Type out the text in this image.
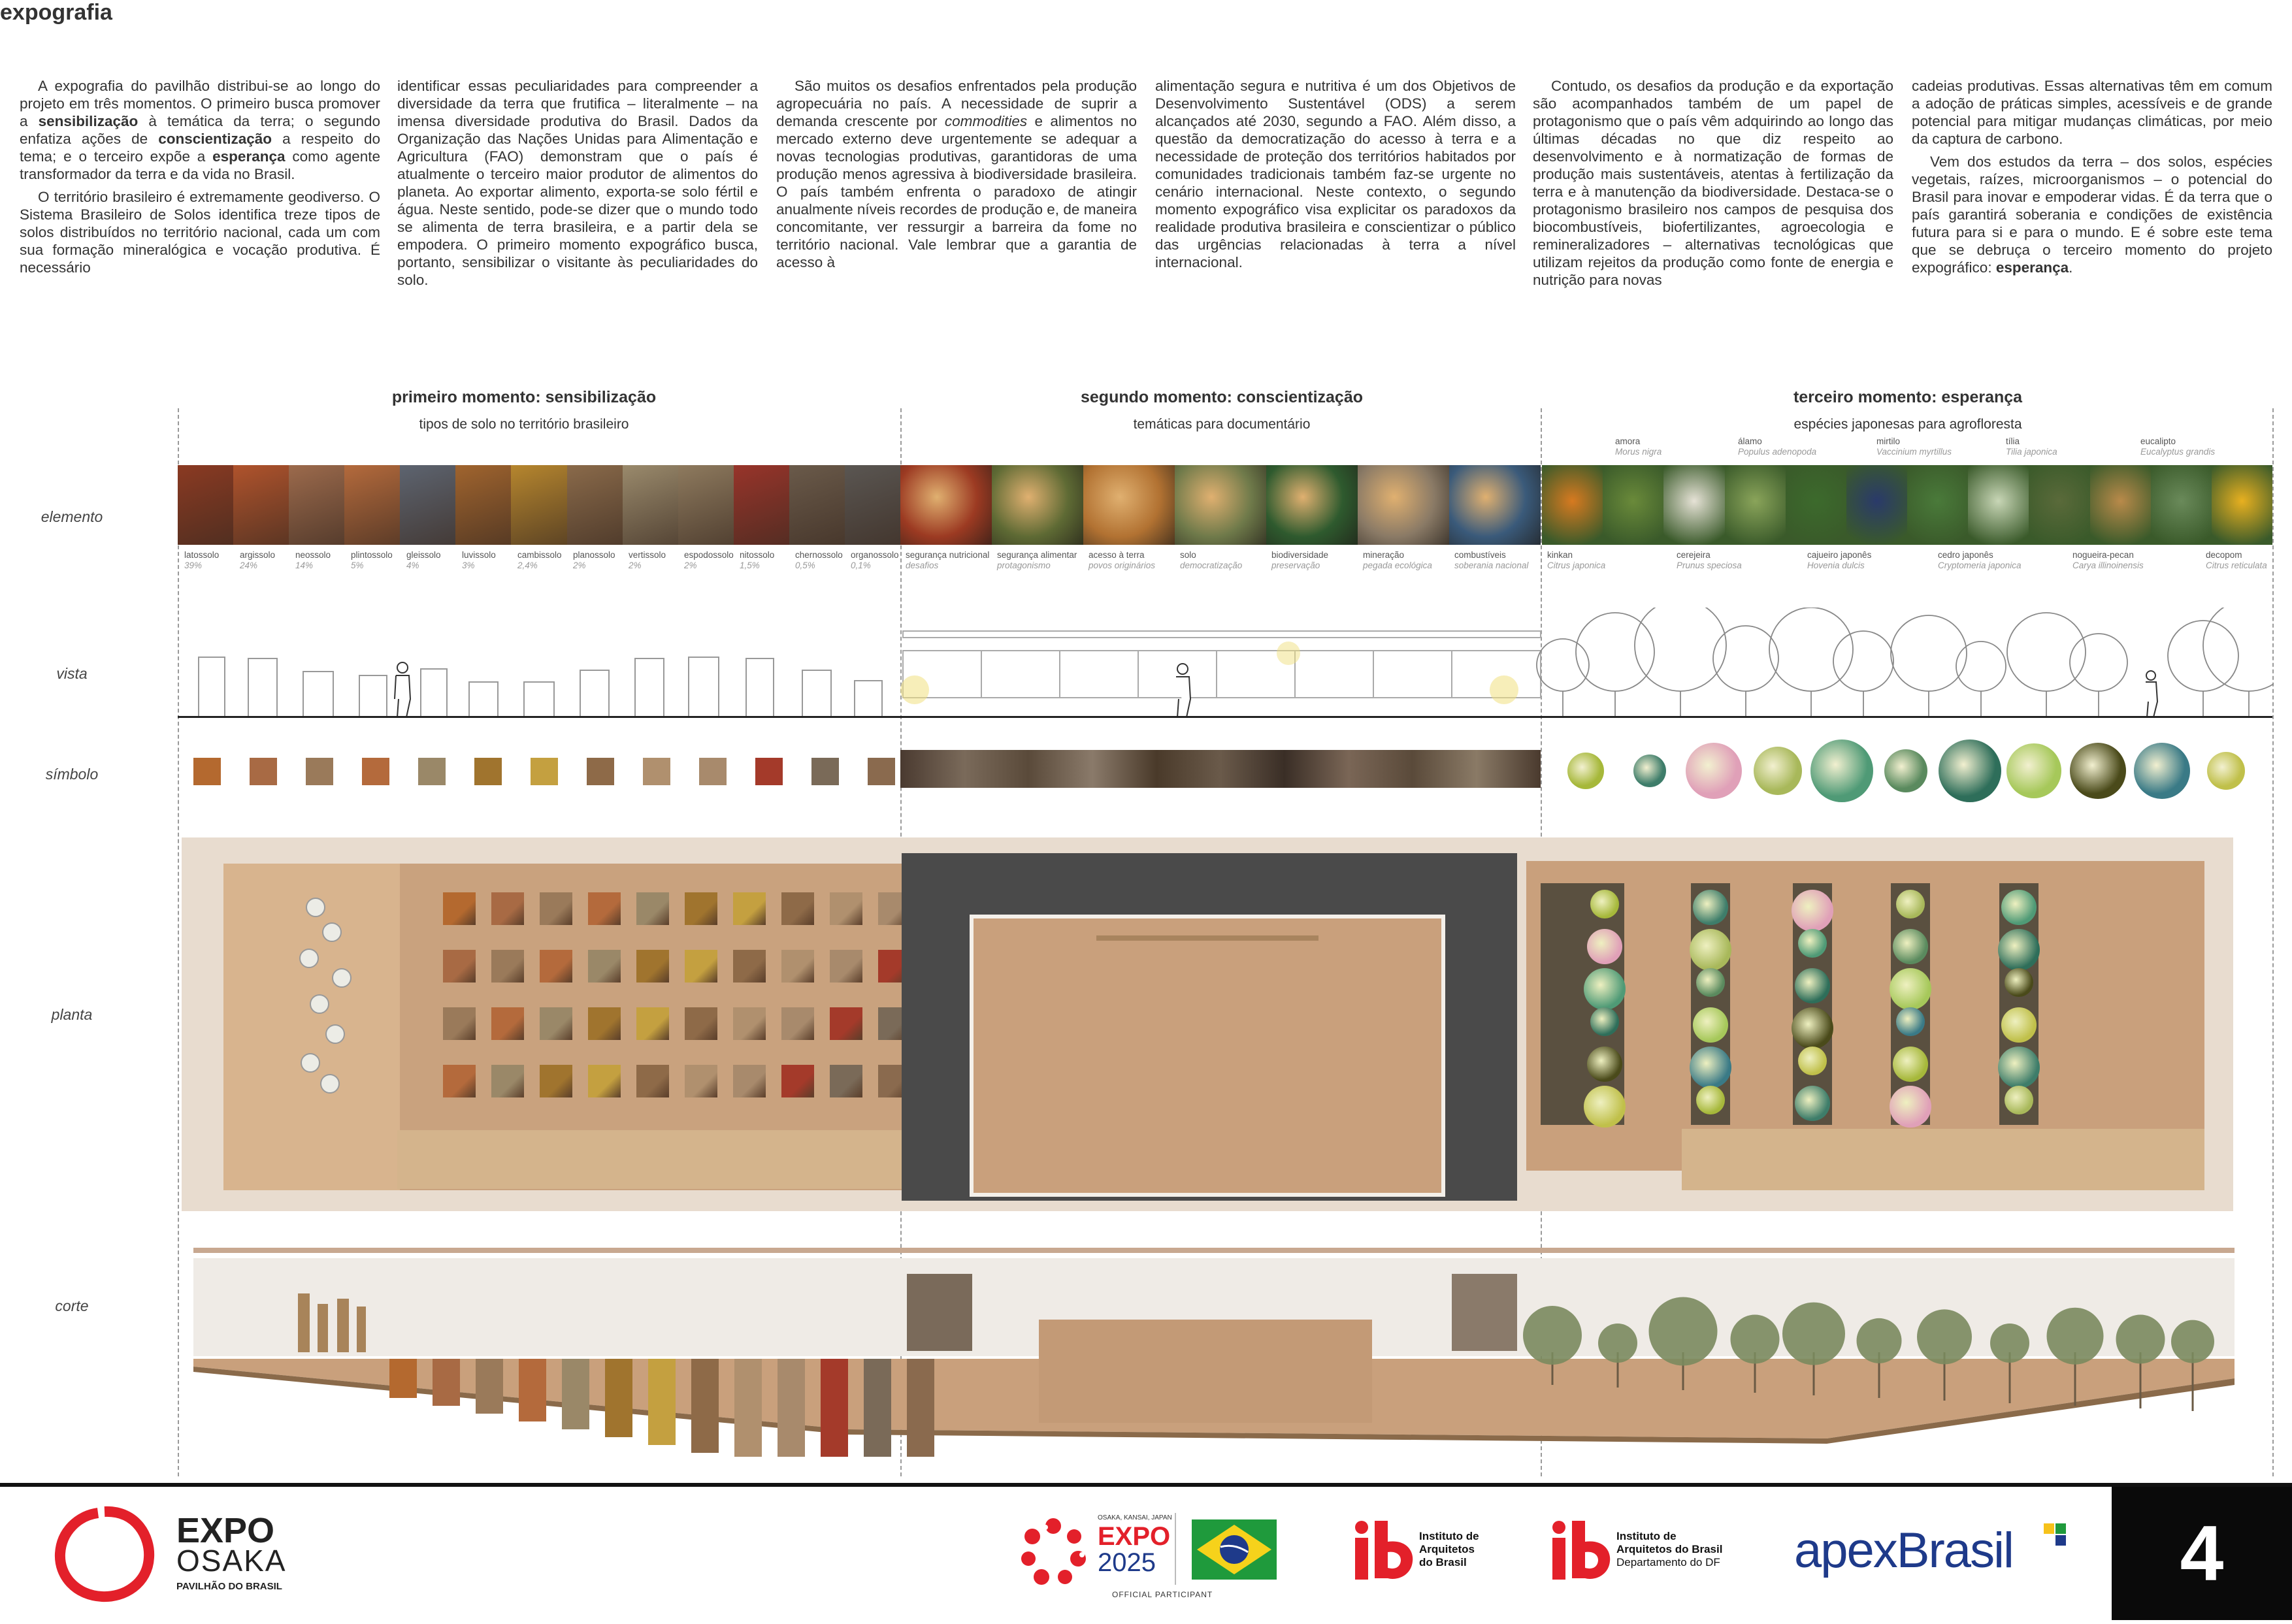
expografia

A expografia do pavilhão distribui-se ao longo do projeto em três momentos. O primeiro busca promover a sensibilização à temática da terra; o segundo enfatiza ações de conscientização a respeito do tema; e o terceiro expõe a esperança como agente transformador da terra e da vida no Brasil.

O território brasileiro é extremamente geodiverso. O Sistema Brasileiro de Solos identifica treze tipos de solos distribuídos no território nacional, cada um com sua formação mineralógica e vocação produtiva. É necessário

identificar essas peculiaridades para compreender a diversidade da terra que frutifica – literalmente – na imensa diversidade produtiva do Brasil. Dados da Organização das Nações Unidas para Alimentação e Agricultura (FAO) demonstram que o país é atualmente o terceiro maior produtor de alimentos do planeta. Ao exportar alimento, exporta-se solo fértil e água. Neste sentido, pode-se dizer que o mundo todo se alimenta de terra brasileira, e a partir dela se empodera. O primeiro momento expográfico busca, portanto, sensibilizar o visitante às peculiaridades do solo.

São muitos os desafios enfrentados pela produção agropecuária no país. A necessidade de suprir a demanda crescente por commodities e alimentos no mercado externo deve urgentemente se adequar a novas tecnologias produtivas, garantidoras de uma produção menos agressiva à biodiversidade brasileira. O país também enfrenta o paradoxo de atingir anualmente níveis recordes de produção e, de maneira concomitante, ver ressurgir a barreira da fome no território nacional. Vale lembrar que a garantia de acesso à

alimentação segura e nutritiva é um dos Objetivos de Desenvolvimento Sustentável (ODS) a serem alcançados até 2030, segundo a FAO. Além disso, a questão da democratização do acesso à terra e a necessidade de proteção dos territórios habitados por comunidades tradicionais também faz-se urgente no cenário internacional. Neste contexto, o segundo momento expográfico visa explicitar os paradoxos da realidade produtiva brasileira e conscientizar o público das urgências relacionadas à terra a nível internacional.

Contudo, os desafios da produção e da exportação são acompanhados também de um papel de protagonismo que o país vêm adquirindo ao longo das últimas décadas no que diz respeito ao desenvolvimento e à normatização de formas de produção mais sustentáveis, atentas à fertilização da terra e à manutenção da biodiversidade. Destaca-se o protagonismo brasileiro nos campos de pesquisa dos biocombustíveis, biofertilizantes, agroecologia e remineralizadores – alternativas tecnológicas que utilizam rejeitos da produção como fonte de energia e nutrição para novas

cadeias produtivas. Essas alternativas têm em comum a adoção de práticas simples, acessíveis e de grande potencial para mitigar mudanças climáticas, por meio da captura de carbono.

Vem dos estudos da terra – dos solos, espécies vegetais, raízes, microorganismos – o potencial do Brasil para inovar e empoderar vidas. É da terra que o país garantirá soberania e condições de existência futura para si e para o mundo. E é sobre este tema que se debruça o terceiro momento do projeto expográfico: esperança.

primeiro momento: sensibilização
tipos de solo no território brasileiro
segundo momento: conscientização
temáticas para documentário
terceiro momento: esperança
espécies japonesas para agrofloresta
elemento
vista
símbolo
planta
corte
latossolo
39%
argissolo
24%
neossolo
14%
plintossolo
5%
gleissolo
4%
luvissolo
3%
cambissolo
2,4%
planossolo
2%
vertissolo
2%
espodossolo
2%
nitossolo
1,5%
chernossolo
0,5%
organossolo
0,1%
segurança nutricional
desafios
segurança alimentar
protagonismo
acesso à terra
povos originários
solo
democratização
biodiversidade
preservação
mineração
pegada ecológica
combustíveis
soberania nacional
amora
Morus nigra
álamo
Populus adenopoda
mirtilo
Vaccinium myrtillus
tília
Tilia japonica
eucalipto
Eucalyptus grandis
kinkan
Citrus japonica
cerejeira
Prunus speciosa
cajueiro japonês
Hovenia dulcis
cedro japonês
Cryptomeria japonica
nogueira-pecan
Carya illinoinensis
decopom
Citrus reticulata
EXPO
OSAKA
PAVILHÃO DO BRASIL
OSAKA, KANSAI, JAPAN
EXPO
2025
OFFICIAL PARTICIPANT
Instituto de
Arquitetos
do Brasil
Instituto de
Arquitetos do Brasil
Departamento do DF apexBrasil	4
